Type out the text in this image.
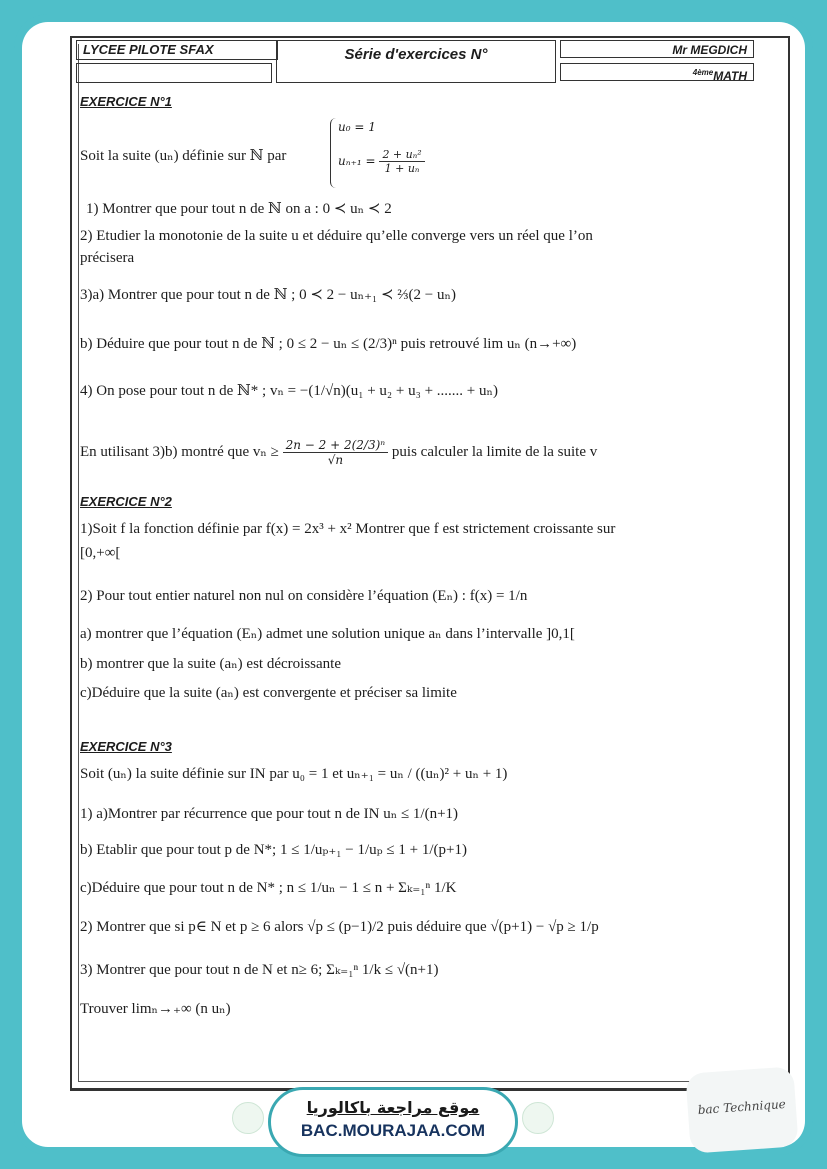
LYCEE PILOTE SFAX	Série d'exercices N°	Mr MEGDICH
$^{4ème}$MATH
EXERCICE N°1
Soit la suite (uₙ) définie sur ℕ par
u₀ = 1
$u_{n+1} = \frac{\text{2 + uₙ²}}{\text{1 + uₙ}}$
1) Montrer que pour tout n de ℕ on a : 0 ≺ uₙ ≺ 2
2) Etudier la monotonie de la suite u et déduire qu’elle converge vers un réel que l’on
précisera
3)a) Montrer que pour tout n de ℕ ; 0 ≺ 2 − uₙ₊₁ ≺ ⅔(2 − uₙ)
b) Déduire que pour tout n de ℕ ; 0 ≤ 2 − uₙ ≤ (2/3)ⁿ puis retrouvé lim uₙ (n→+∞)
4) On pose pour tout n de ℕ* ; vₙ = −(1/√n)(u₁ + u₂ + u₃ + ....... + uₙ)
En utilisant 3)b) montré que $v_n \ge \frac{\text{2n − 2 + 2(2/3)ⁿ}}{√n}$ puis calculer la limite de la suite v
EXERCICE N°2
1)Soit f la fonction définie par f(x) = 2x³ + x² Montrer que f est strictement croissante sur
[0,+∞[
2) Pour tout entier naturel non nul on considère l’équation (Eₙ) : f(x) = 1/n
a) montrer que l’équation (Eₙ) admet une solution unique aₙ dans l’intervalle ]0,1[
b) montrer que la suite (aₙ) est décroissante
c)Déduire que la suite (aₙ) est convergente et préciser sa limite
EXERCICE N°3
Soit (uₙ) la suite définie sur IN par u₀ = 1 et uₙ₊₁ = uₙ / ((uₙ)² + uₙ + 1)
1) a)Montrer par récurrence que pour tout n de IN uₙ ≤ 1/(n+1)
b) Etablir que pour tout p de N*; 1 ≤ 1/uₚ₊₁ − 1/uₚ ≤ 1 + 1/(p+1)
c)Déduire que pour tout n de N* ; n ≤ 1/uₙ − 1 ≤ n + Σₖ₌₁ⁿ 1/K
2) Montrer que si p∈ N et p ≥ 6 alors √p ≤ (p−1)/2 puis déduire que √(p+1) − √p ≥ 1/p
3) Montrer que pour tout n de N et n≥ 6; Σₖ₌₁ⁿ 1/k ≤ √(n+1)
Trouver limₙ→₊∞ (n uₙ)
موقع مراجعة باكالوريا
BAC.MOURAJAA.COM
bac Technique
